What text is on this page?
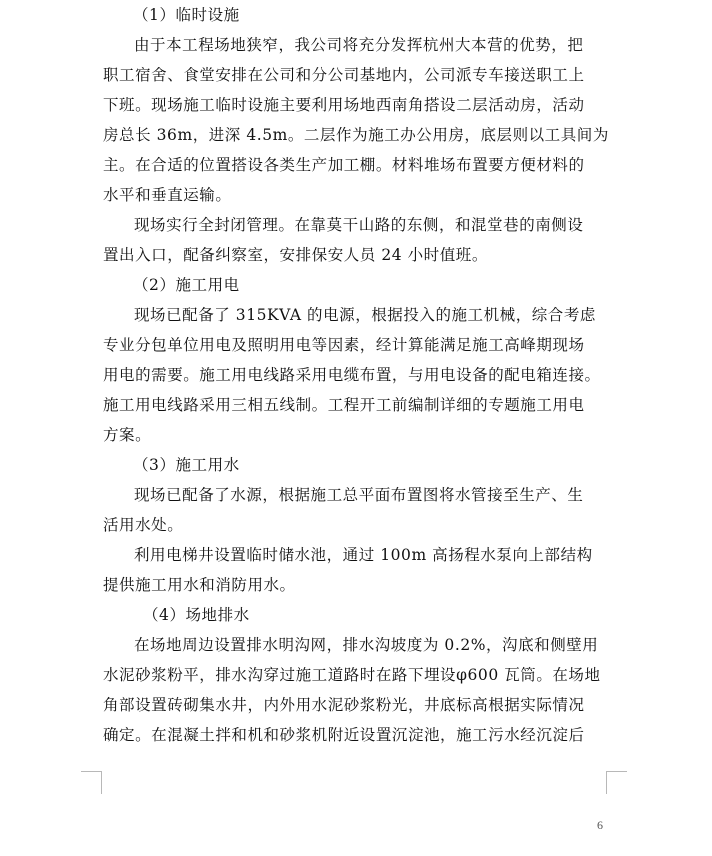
（1）临时设施
由于本工程场地狭窄，我公司将充分发挥杭州大本营的优势，把
职工宿舍、食堂安排在公司和分公司基地内，公司派专车接送职工上
下班。现场施工临时设施主要利用场地西南角搭设二层活动房，活动
房总长 36m，进深 4.5m。二层作为施工办公用房，底层则以工具间为
主。在合适的位置搭设各类生产加工棚。材料堆场布置要方便材料的
水平和垂直运输。
现场实行全封闭管理。在靠莫干山路的东侧，和混堂巷的南侧设
置出入口，配备纠察室，安排保安人员 24 小时值班。
（2）施工用电
现场已配备了 315KVA 的电源，根据投入的施工机械，综合考虑
专业分包单位用电及照明用电等因素，经计算能满足施工高峰期现场
用电的需要。施工用电线路采用电缆布置，与用电设备的配电箱连接。
施工用电线路采用三相五线制。工程开工前编制详细的专题施工用电
方案。
（3）施工用水
现场已配备了水源，根据施工总平面布置图将水管接至生产、生
活用水处。
利用电梯井设置临时储水池，通过 100m 高扬程水泵向上部结构
提供施工用水和消防用水。
（4）场地排水
在场地周边设置排水明沟网，排水沟坡度为 0.2%，沟底和侧壁用
水泥砂浆粉平，排水沟穿过施工道路时在路下埋设φ600 瓦筒。在场地
角部设置砖砌集水井，内外用水泥砂浆粉光，井底标高根据实际情况
确定。在混凝土拌和机和砂浆机附近设置沉淀池，施工污水经沉淀后
6
